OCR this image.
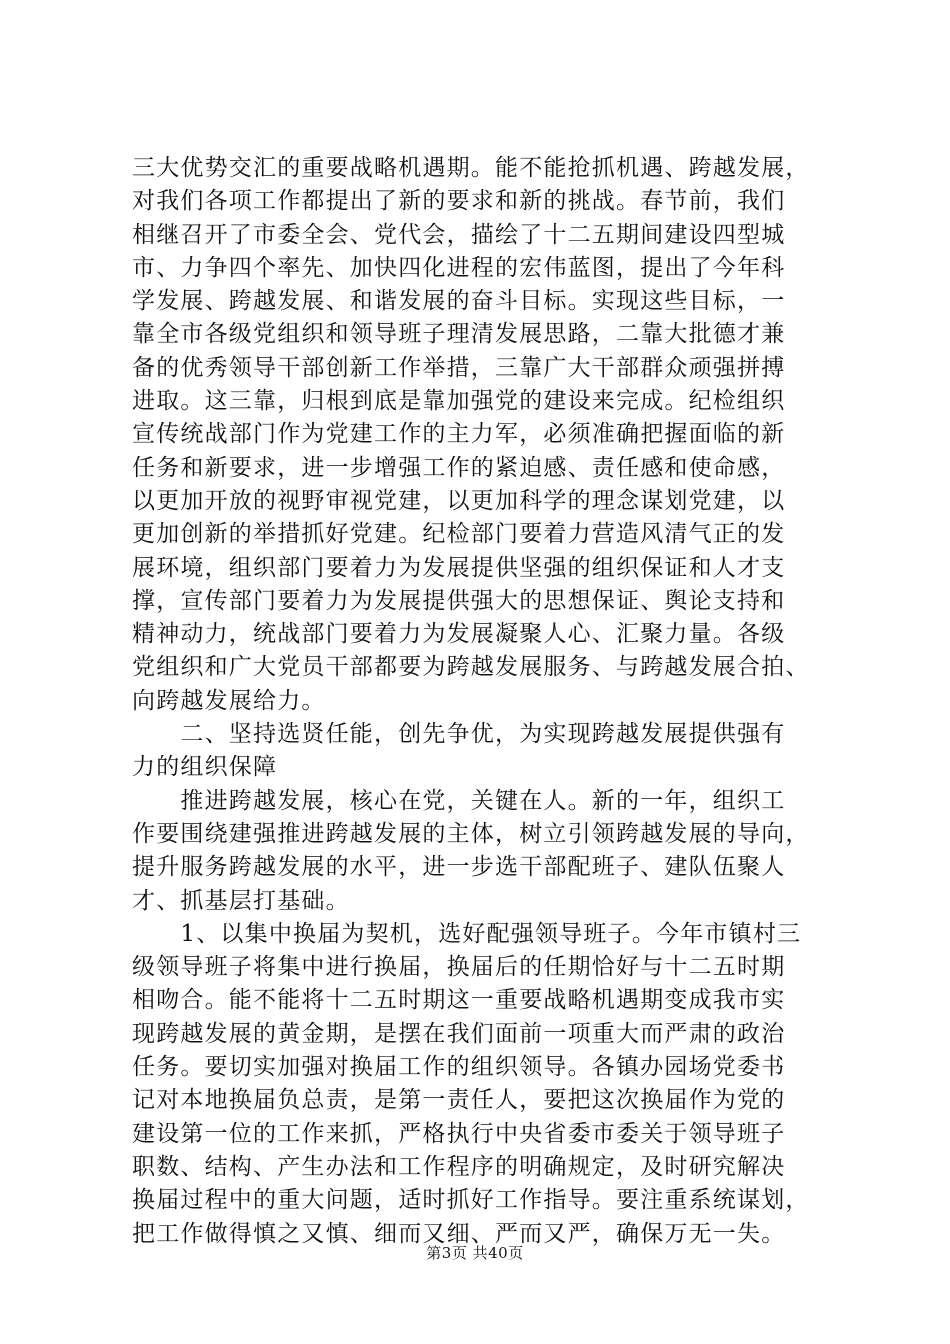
三大优势交汇的重要战略机遇期。能不能抢抓机遇、跨越发展，
对我们各项工作都提出了新的要求和新的挑战。春节前，我们
相继召开了市委全会、党代会，描绘了十二五期间建设四型城
市、力争四个率先、加快四化进程的宏伟蓝图，提出了今年科
学发展、跨越发展、和谐发展的奋斗目标。实现这些目标，一
靠全市各级党组织和领导班子理清发展思路，二靠大批德才兼
备的优秀领导干部创新工作举措，三靠广大干部群众顽强拼搏
进取。这三靠，归根到底是靠加强党的建设来完成。纪检组织
宣传统战部门作为党建工作的主力军，必须准确把握面临的新
任务和新要求，进一步增强工作的紧迫感、责任感和使命感，
以更加开放的视野审视党建，以更加科学的理念谋划党建，以
更加创新的举措抓好党建。纪检部门要着力营造风清气正的发
展环境，组织部门要着力为发展提供坚强的组织保证和人才支
撑，宣传部门要着力为发展提供强大的思想保证、舆论支持和
精神动力，统战部门要着力为发展凝聚人心、汇聚力量。各级
党组织和广大党员干部都要为跨越发展服务、与跨越发展合拍、
向跨越发展给力。
　　二、坚持选贤任能，创先争优，为实现跨越发展提供强有
力的组织保障
　　推进跨越发展，核心在党，关键在人。新的一年，组织工
作要围绕建强推进跨越发展的主体，树立引领跨越发展的导向，
提升服务跨越发展的水平，进一步选干部配班子、建队伍聚人
才、抓基层打基础。
　　1、以集中换届为契机，选好配强领导班子。今年市镇村三
级领导班子将集中进行换届，换届后的任期恰好与十二五时期
相吻合。能不能将十二五时期这一重要战略机遇期变成我市实
现跨越发展的黄金期，是摆在我们面前一项重大而严肃的政治
任务。要切实加强对换届工作的组织领导。各镇办园场党委书
记对本地换届负总责，是第一责任人，要把这次换届作为党的
建设第一位的工作来抓，严格执行中央省委市委关于领导班子
职数、结构、产生办法和工作程序的明确规定，及时研究解决
换届过程中的重大问题，适时抓好工作指导。要注重系统谋划，
把工作做得慎之又慎、细而又细、严而又严，确保万无一失。
第3页 共40页
